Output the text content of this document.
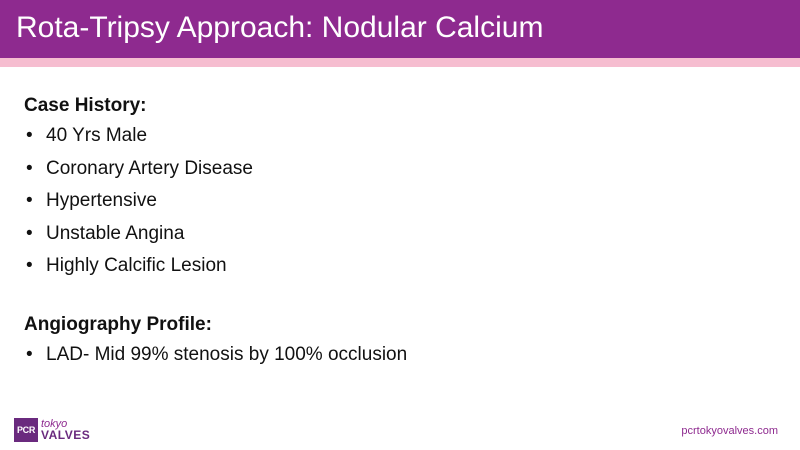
Rota-Tripsy Approach: Nodular Calcium

Case History:

• 40 Yrs Male
• Coronary Artery Disease
• Hypertensive
• Unstable Angina
• Highly Calcific Lesion

Angiography Profile:

• LAD- Mid 99% stenosis by 100% occlusion
PCR tokyo
VALVES	pcrtokyovalves.com
